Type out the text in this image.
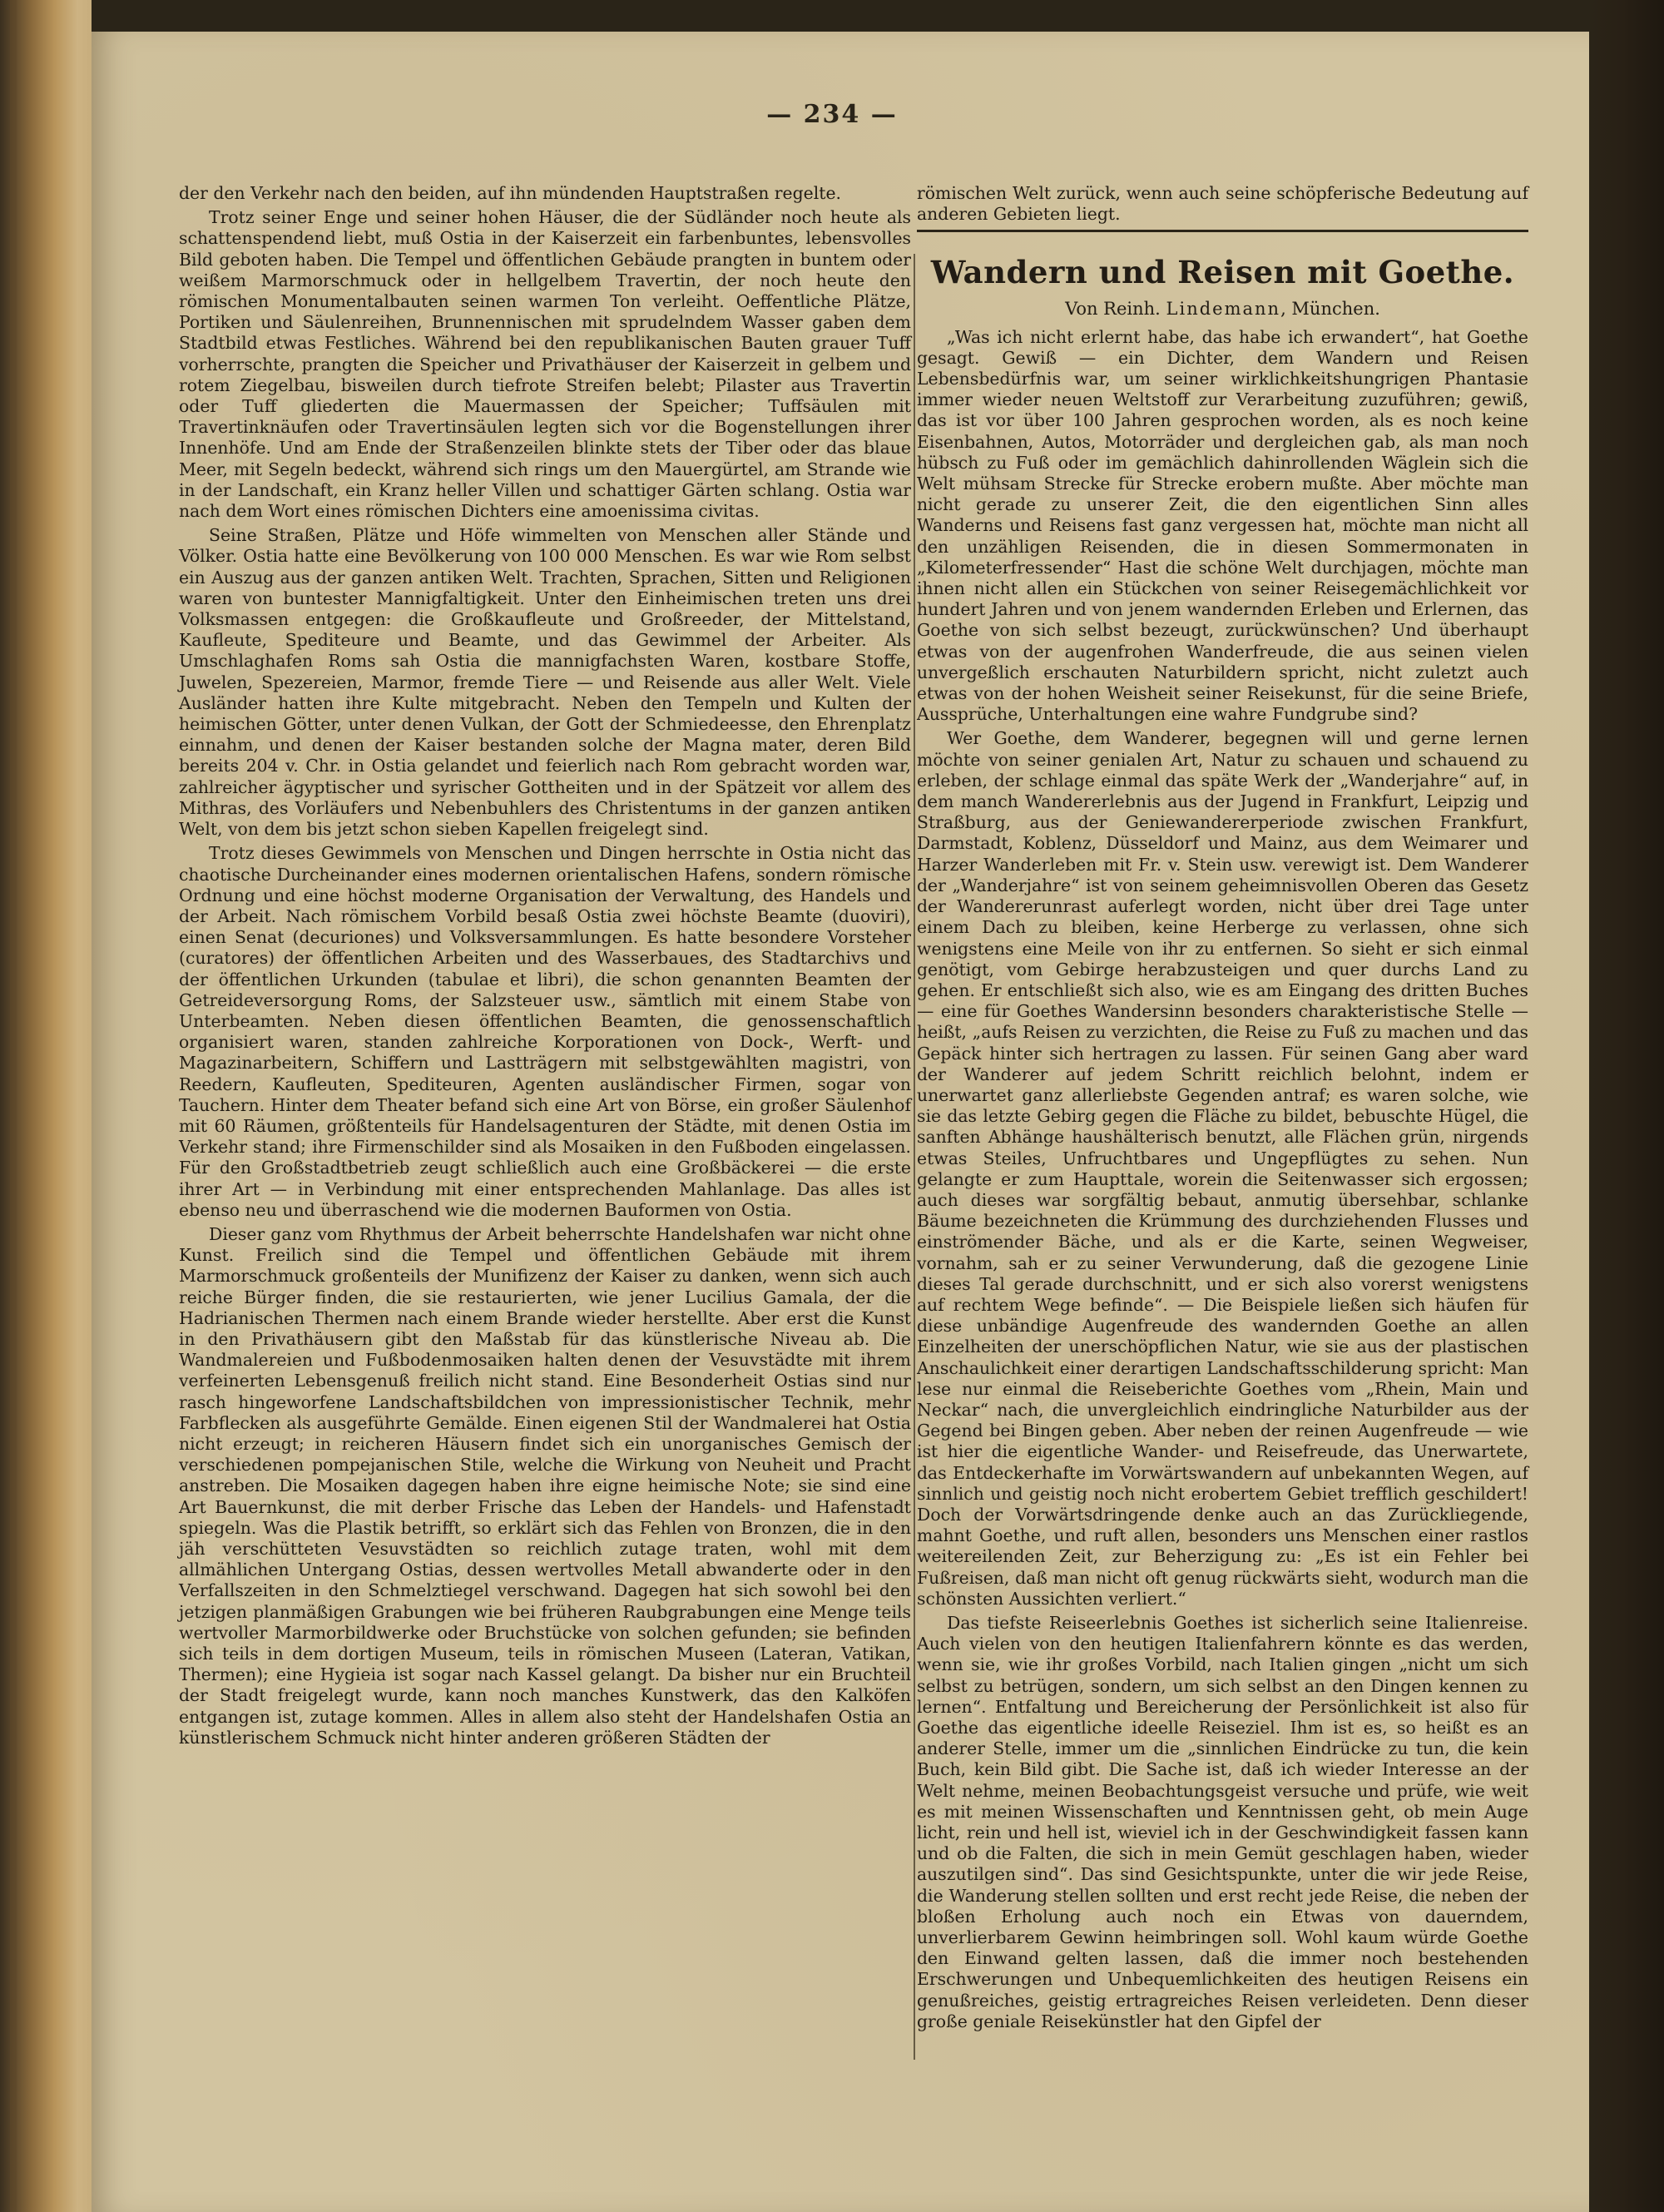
— 234 —

der den Verkehr nach den beiden, auf ihn mündenden Hauptstraßen regelte.

Trotz seiner Enge und seiner hohen Häuser, die der Südländer noch heute als schattenspendend liebt, muß Ostia in der Kaiserzeit ein farbenbuntes, lebensvolles Bild geboten haben. Die Tempel und öffentlichen Gebäude prangten in buntem oder weißem Marmorschmuck oder in hellgelbem Travertin, der noch heute den römischen Monumentalbauten seinen warmen Ton verleiht. Oeffentliche Plätze, Portiken und Säulenreihen, Brunnennischen mit sprudelndem Wasser gaben dem Stadtbild etwas Festliches. Während bei den republikanischen Bauten grauer Tuff vorherrschte, prangten die Speicher und Privathäuser der Kaiserzeit in gelbem und rotem Ziegelbau, bisweilen durch tiefrote Streifen belebt; Pilaster aus Travertin oder Tuff gliederten die Mauermassen der Speicher; Tuffsäulen mit Travertinknäufen oder Travertinsäulen legten sich vor die Bogenstellungen ihrer Innenhöfe. Und am Ende der Straßenzeilen blinkte stets der Tiber oder das blaue Meer, mit Segeln bedeckt, während sich rings um den Mauergürtel, am Strande wie in der Landschaft, ein Kranz heller Villen und schattiger Gärten schlang. Ostia war nach dem Wort eines römischen Dichters eine amoenissima civitas.

Seine Straßen, Plätze und Höfe wimmelten von Menschen aller Stände und Völker. Ostia hatte eine Bevölkerung von 100 000 Menschen. Es war wie Rom selbst ein Auszug aus der ganzen antiken Welt. Trachten, Sprachen, Sitten und Religionen waren von buntester Mannigfaltigkeit. Unter den Einheimischen treten uns drei Volksmassen entgegen: die Großkaufleute und Großreeder, der Mittelstand, Kaufleute, Spediteure und Beamte, und das Gewimmel der Arbeiter. Als Umschlaghafen Roms sah Ostia die mannigfachsten Waren, kostbare Stoffe, Juwelen, Spezereien, Marmor, fremde Tiere — und Reisende aus aller Welt. Viele Ausländer hatten ihre Kulte mitgebracht. Neben den Tempeln und Kulten der heimischen Götter, unter denen Vulkan, der Gott der Schmiedeesse, den Ehrenplatz einnahm, und denen der Kaiser bestanden solche der Magna mater, deren Bild bereits 204 v. Chr. in Ostia gelandet und feierlich nach Rom gebracht worden war, zahlreicher ägyptischer und syrischer Gottheiten und in der Spätzeit vor allem des Mithras, des Vorläufers und Nebenbuhlers des Christentums in der ganzen antiken Welt, von dem bis jetzt schon sieben Kapellen freigelegt sind.

Trotz dieses Gewimmels von Menschen und Dingen herrschte in Ostia nicht das chaotische Durcheinander eines modernen orientalischen Hafens, sondern römische Ordnung und eine höchst moderne Organisation der Verwaltung, des Handels und der Arbeit. Nach römischem Vorbild besaß Ostia zwei höchste Beamte (duoviri), einen Senat (decuriones) und Volksversammlungen. Es hatte besondere Vorsteher (curatores) der öffentlichen Arbeiten und des Wasserbaues, des Stadtarchivs und der öffentlichen Urkunden (tabulae et libri), die schon genannten Beamten der Getreideversorgung Roms, der Salzsteuer usw., sämtlich mit einem Stabe von Unterbeamten. Neben diesen öffentlichen Beamten, die genossenschaftlich organisiert waren, standen zahlreiche Korporationen von Dock-, Werft- und Magazinarbeitern, Schiffern und Lastträgern mit selbstgewählten magistri, von Reedern, Kaufleuten, Spediteuren, Agenten ausländischer Firmen, sogar von Tauchern. Hinter dem Theater befand sich eine Art von Börse, ein großer Säulenhof mit 60 Räumen, größtenteils für Handelsagenturen der Städte, mit denen Ostia im Verkehr stand; ihre Firmenschilder sind als Mosaiken in den Fußboden eingelassen. Für den Großstadtbetrieb zeugt schließlich auch eine Großbäckerei — die erste ihrer Art — in Verbindung mit einer entsprechenden Mahlanlage. Das alles ist ebenso neu und überraschend wie die modernen Bauformen von Ostia.

Dieser ganz vom Rhythmus der Arbeit beherrschte Handelshafen war nicht ohne Kunst. Freilich sind die Tempel und öffentlichen Gebäude mit ihrem Marmorschmuck großenteils der Munifizenz der Kaiser zu danken, wenn sich auch reiche Bürger finden, die sie restaurierten, wie jener Lucilius Gamala, der die Hadrianischen Thermen nach einem Brande wieder herstellte. Aber erst die Kunst in den Privathäusern gibt den Maßstab für das künstlerische Niveau ab. Die Wandmalereien und Fußbodenmosaiken halten denen der Vesuvstädte mit ihrem verfeinerten Lebensgenuß freilich nicht stand. Eine Besonderheit Ostias sind nur rasch hingeworfene Landschaftsbildchen von impressionistischer Technik, mehr Farbflecken als ausgeführte Gemälde. Einen eigenen Stil der Wandmalerei hat Ostia nicht erzeugt; in reicheren Häusern findet sich ein unorganisches Gemisch der verschiedenen pompejanischen Stile, welche die Wirkung von Neuheit und Pracht anstreben. Die Mosaiken dagegen haben ihre eigne heimische Note; sie sind eine Art Bauernkunst, die mit derber Frische das Leben der Handels- und Hafenstadt spiegeln. Was die Plastik betrifft, so erklärt sich das Fehlen von Bronzen, die in den jäh verschütteten Vesuvstädten so reichlich zutage traten, wohl mit dem allmählichen Untergang Ostias, dessen wertvolles Metall abwanderte oder in den Verfallszeiten in den Schmelztiegel verschwand. Dagegen hat sich sowohl bei den jetzigen planmäßigen Grabungen wie bei früheren Raubgrabungen eine Menge teils wertvoller Marmorbildwerke oder Bruchstücke von solchen gefunden; sie befinden sich teils in dem dortigen Museum, teils in römischen Museen (Lateran, Vatikan, Thermen); eine Hygieia ist sogar nach Kassel gelangt. Da bisher nur ein Bruchteil der Stadt freigelegt wurde, kann noch manches Kunstwerk, das den Kalköfen entgangen ist, zutage kommen. Alles in allem also steht der Handelshafen Ostia an künstlerischem Schmuck nicht hinter anderen größeren Städten der

römischen Welt zurück, wenn auch seine schöpferische Bedeutung auf anderen Gebieten liegt.

Wandern und Reisen mit Goethe.

Von Reinh. Lindemann, München.

„Was ich nicht erlernt habe, das habe ich erwandert“, hat Goethe gesagt. Gewiß — ein Dichter, dem Wandern und Reisen Lebensbedürfnis war, um seiner wirklichkeitshungrigen Phantasie immer wieder neuen Weltstoff zur Verarbeitung zuzuführen; gewiß, das ist vor über 100 Jahren gesprochen worden, als es noch keine Eisenbahnen, Autos, Motorräder und dergleichen gab, als man noch hübsch zu Fuß oder im gemächlich dahinrollenden Wäglein sich die Welt mühsam Strecke für Strecke erobern mußte. Aber möchte man nicht gerade zu unserer Zeit, die den eigentlichen Sinn alles Wanderns und Reisens fast ganz vergessen hat, möchte man nicht all den unzähligen Reisenden, die in diesen Sommermonaten in „Kilometerfressender“ Hast die schöne Welt durchjagen, möchte man ihnen nicht allen ein Stückchen von seiner Reisegemächlichkeit vor hundert Jahren und von jenem wandernden Erleben und Erlernen, das Goethe von sich selbst bezeugt, zurückwünschen? Und überhaupt etwas von der augenfrohen Wanderfreude, die aus seinen vielen unvergeßlich erschauten Naturbildern spricht, nicht zuletzt auch etwas von der hohen Weisheit seiner Reisekunst, für die seine Briefe, Aussprüche, Unterhaltungen eine wahre Fundgrube sind?

Wer Goethe, dem Wanderer, begegnen will und gerne lernen möchte von seiner genialen Art, Natur zu schauen und schauend zu erleben, der schlage einmal das späte Werk der „Wanderjahre“ auf, in dem manch Wandererlebnis aus der Jugend in Frankfurt, Leipzig und Straßburg, aus der Geniewandererperiode zwischen Frankfurt, Darmstadt, Koblenz, Düsseldorf und Mainz, aus dem Weimarer und Harzer Wanderleben mit Fr. v. Stein usw. verewigt ist. Dem Wanderer der „Wanderjahre“ ist von seinem geheimnisvollen Oberen das Gesetz der Wandererunrast auferlegt worden, nicht über drei Tage unter einem Dach zu bleiben, keine Herberge zu verlassen, ohne sich wenigstens eine Meile von ihr zu entfernen. So sieht er sich einmal genötigt, vom Gebirge herabzusteigen und quer durchs Land zu gehen. Er entschließt sich also, wie es am Eingang des dritten Buches — eine für Goethes Wandersinn besonders charakteristische Stelle — heißt, „aufs Reisen zu verzichten, die Reise zu Fuß zu machen und das Gepäck hinter sich hertragen zu lassen. Für seinen Gang aber ward der Wanderer auf jedem Schritt reichlich belohnt, indem er unerwartet ganz allerliebste Gegenden antraf; es waren solche, wie sie das letzte Gebirg gegen die Fläche zu bildet, bebuschte Hügel, die sanften Abhänge haushälterisch benutzt, alle Flächen grün, nirgends etwas Steiles, Unfruchtbares und Ungepflügtes zu sehen. Nun gelangte er zum Haupttale, worein die Seitenwasser sich ergossen; auch dieses war sorgfältig bebaut, anmutig übersehbar, schlanke Bäume bezeichneten die Krümmung des durchziehenden Flusses und einströmender Bäche, und als er die Karte, seinen Wegweiser, vornahm, sah er zu seiner Verwunderung, daß die gezogene Linie dieses Tal gerade durchschnitt, und er sich also vorerst wenigstens auf rechtem Wege befinde“. — Die Beispiele ließen sich häufen für diese unbändige Augenfreude des wandernden Goethe an allen Einzelheiten der unerschöpflichen Natur, wie sie aus der plastischen Anschaulichkeit einer derartigen Landschaftsschilderung spricht: Man lese nur einmal die Reiseberichte Goethes vom „Rhein, Main und Neckar“ nach, die unvergleichlich eindringliche Naturbilder aus der Gegend bei Bingen geben. Aber neben der reinen Augenfreude — wie ist hier die eigentliche Wander- und Reisefreude, das Unerwartete, das Entdeckerhafte im Vorwärtswandern auf unbekannten Wegen, auf sinnlich und geistig noch nicht erobertem Gebiet trefflich geschildert! Doch der Vorwärtsdringende denke auch an das Zurückliegende, mahnt Goethe, und ruft allen, besonders uns Menschen einer rastlos weitereilenden Zeit, zur Beherzigung zu: „Es ist ein Fehler bei Fußreisen, daß man nicht oft genug rückwärts sieht, wodurch man die schönsten Aussichten verliert.“

Das tiefste Reiseerlebnis Goethes ist sicherlich seine Italienreise. Auch vielen von den heutigen Italienfahrern könnte es das werden, wenn sie, wie ihr großes Vorbild, nach Italien gingen „nicht um sich selbst zu betrügen, sondern, um sich selbst an den Dingen kennen zu lernen“. Entfaltung und Bereicherung der Persönlichkeit ist also für Goethe das eigentliche ideelle Reiseziel. Ihm ist es, so heißt es an anderer Stelle, immer um die „sinnlichen Eindrücke zu tun, die kein Buch, kein Bild gibt. Die Sache ist, daß ich wieder Interesse an der Welt nehme, meinen Beobachtungsgeist versuche und prüfe, wie weit es mit meinen Wissenschaften und Kenntnissen geht, ob mein Auge licht, rein und hell ist, wieviel ich in der Geschwindigkeit fassen kann und ob die Falten, die sich in mein Gemüt geschlagen haben, wieder auszutilgen sind“. Das sind Gesichtspunkte, unter die wir jede Reise, die Wanderung stellen sollten und erst recht jede Reise, die neben der bloßen Erholung auch noch ein Etwas von dauerndem, unverlierbarem Gewinn heimbringen soll. Wohl kaum würde Goethe den Einwand gelten lassen, daß die immer noch bestehenden Erschwerungen und Unbequemlichkeiten des heutigen Reisens ein genußreiches, geistig ertragreiches Reisen verleideten. Denn dieser große geniale Reisekünstler hat den Gipfel der
